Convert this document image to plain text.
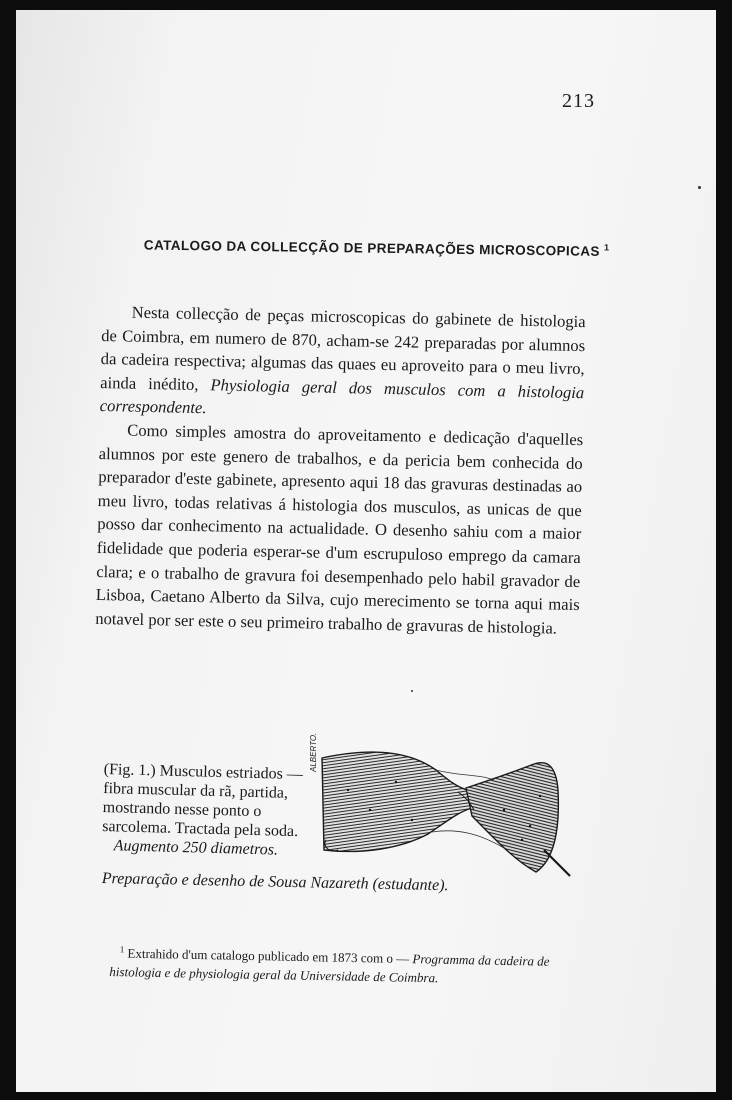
213

CATALOGO DA COLLECÇÃO DE PREPARAÇÕES MICROSCOPICAS $^1$

Nesta collecção de peças microscopicas do gabinete de histologia de Coimbra, em numero de 870, acham-se 242 preparadas por alumnos da cadeira respectiva; algumas das quaes eu aproveito para o meu livro, ainda inédito, Physiologia geral dos musculos com a histologia correspondente.

Como simples amostra do aproveitamento e dedicação d'aquelles alumnos por este genero de trabalhos, e da pericia bem conhecida do preparador d'este gabinete, apresento aqui 18 das gravuras destinadas ao meu livro, todas relativas á histologia dos musculos, as unicas de que posso dar conhecimento na actualidade. O desenho sahiu com a maior fidelidade que poderia esperar-se d'um escrupuloso emprego da camara clara; e o trabalho de gravura foi desempenhado pelo habil gravador de Lisboa, Caetano Alberto da Silva, cujo merecimento se torna aqui mais notavel por ser este o seu primeiro trabalho de gravuras de histologia.

(Fig. 1.) Musculos estriados — fibra muscular da rã, partida, mostrando nesse ponto o sarcolema. Tractada pela soda.
Augmento 250 diametros.

ALBERTO.

Preparação e desenho de Sousa Nazareth (estudante).

$^1$ Extrahido d'um catalogo publicado em 1873 com o — Programma da cadeira de histologia e de physiologia geral da Universidade de Coimbra.
